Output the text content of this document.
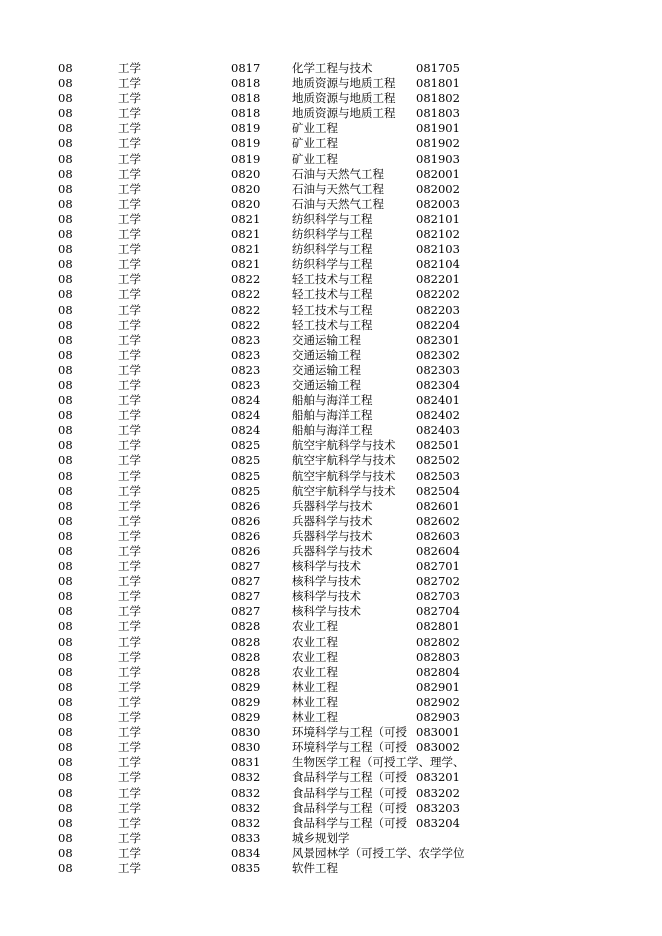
08	工学	0817	化学工程与技术	081705
08	工学	0818	地质资源与地质工程	081801
08	工学	0818	地质资源与地质工程	081802
08	工学	0818	地质资源与地质工程	081803
08	工学	0819	矿业工程	081901
08	工学	0819	矿业工程	081902
08	工学	0819	矿业工程	081903
08	工学	0820	石油与天然气工程	082001
08	工学	0820	石油与天然气工程	082002
08	工学	0820	石油与天然气工程	082003
08	工学	0821	纺织科学与工程	082101
08	工学	0821	纺织科学与工程	082102
08	工学	0821	纺织科学与工程	082103
08	工学	0821	纺织科学与工程	082104
08	工学	0822	轻工技术与工程	082201
08	工学	0822	轻工技术与工程	082202
08	工学	0822	轻工技术与工程	082203
08	工学	0822	轻工技术与工程	082204
08	工学	0823	交通运输工程	082301
08	工学	0823	交通运输工程	082302
08	工学	0823	交通运输工程	082303
08	工学	0823	交通运输工程	082304
08	工学	0824	船舶与海洋工程	082401
08	工学	0824	船舶与海洋工程	082402
08	工学	0824	船舶与海洋工程	082403
08	工学	0825	航空宇航科学与技术	082501
08	工学	0825	航空宇航科学与技术	082502
08	工学	0825	航空宇航科学与技术	082503
08	工学	0825	航空宇航科学与技术	082504
08	工学	0826	兵器科学与技术	082601
08	工学	0826	兵器科学与技术	082602
08	工学	0826	兵器科学与技术	082603
08	工学	0826	兵器科学与技术	082604
08	工学	0827	核科学与技术	082701
08	工学	0827	核科学与技术	082702
08	工学	0827	核科学与技术	082703
08	工学	0827	核科学与技术	082704
08	工学	0828	农业工程	082801
08	工学	0828	农业工程	082802
08	工学	0828	农业工程	082803
08	工学	0828	农业工程	082804
08	工学	0829	林业工程	082901
08	工学	0829	林业工程	082902
08	工学	0829	林业工程	082903
08	工学	0830	环境科学与工程（可授 083001
08	工学	0830	环境科学与工程（可授 083002
08	工学	0831	生物医学工程（可授工学、理学、
08	工学	0832	食品科学与工程（可授 083201
08	工学	0832	食品科学与工程（可授 083202
08	工学	0832	食品科学与工程（可授 083203
08	工学	0832	食品科学与工程（可授 083204
08	工学	0833	城乡规划学
08	工学	0834	风景园林学（可授工学、农学学位
08	工学	0835	软件工程
